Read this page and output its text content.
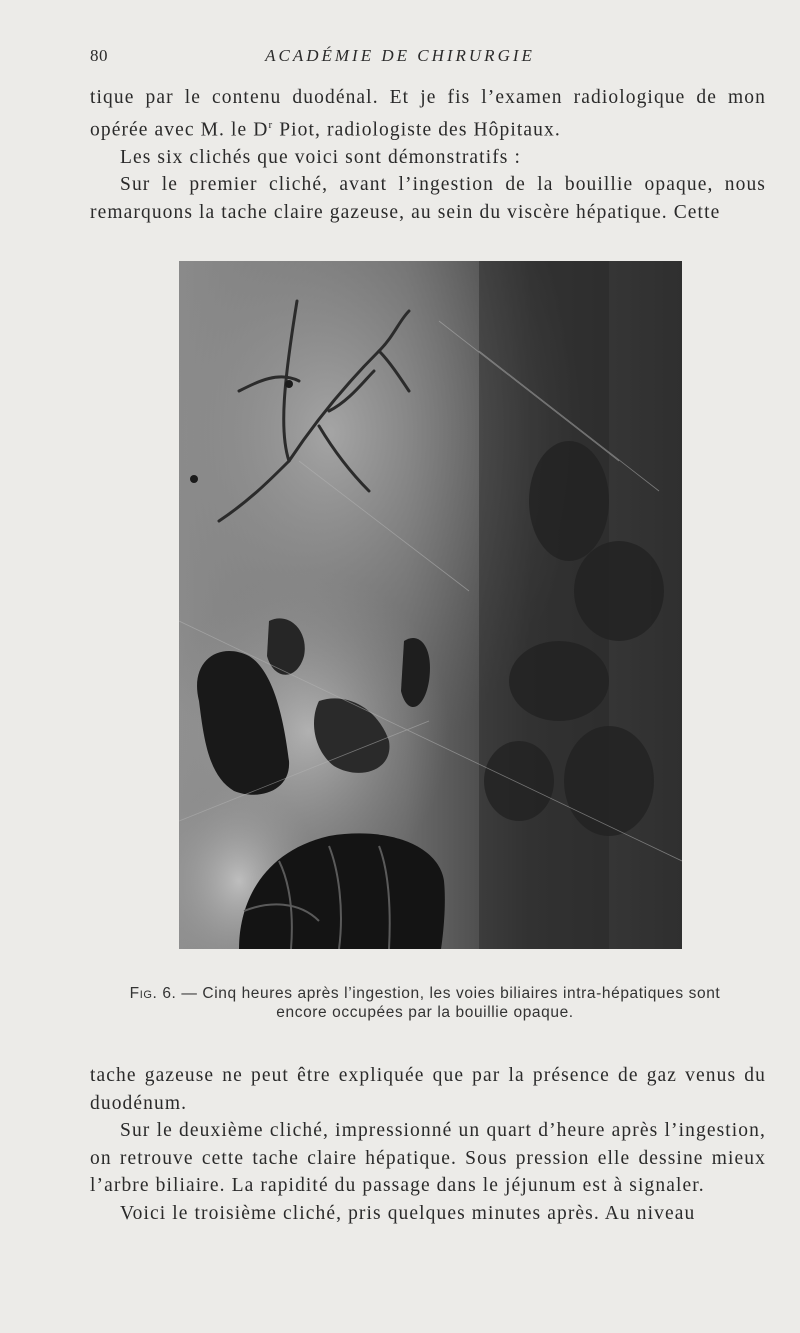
80	ACADÉMIE DE CHIRURGIE

tique par le contenu duodénal. Et je fis l’examen radiologique de mon opérée avec M. le $D^r$ Piot, radiologiste des Hôpitaux.

Les six clichés que voici sont démonstratifs :

Sur le premier cliché, avant l’ingestion de la bouillie opaque, nous remarquons la tache claire gazeuse, au sein du viscère hépatique. Cette

Fig. 6. — Cinq heures après l’ingestion, les voies biliaires intra-hépatiques sont encore occupées par la bouillie opaque.

tache gazeuse ne peut être expliquée que par la présence de gaz venus du duodénum.

Sur le deuxième cliché, impressionné un quart d’heure après l’ingestion, on retrouve cette tache claire hépatique. Sous pression elle dessine mieux l’arbre biliaire. La rapidité du passage dans le jéjunum est à signaler.

Voici le troisième cliché, pris quelques minutes après. Au niveau
